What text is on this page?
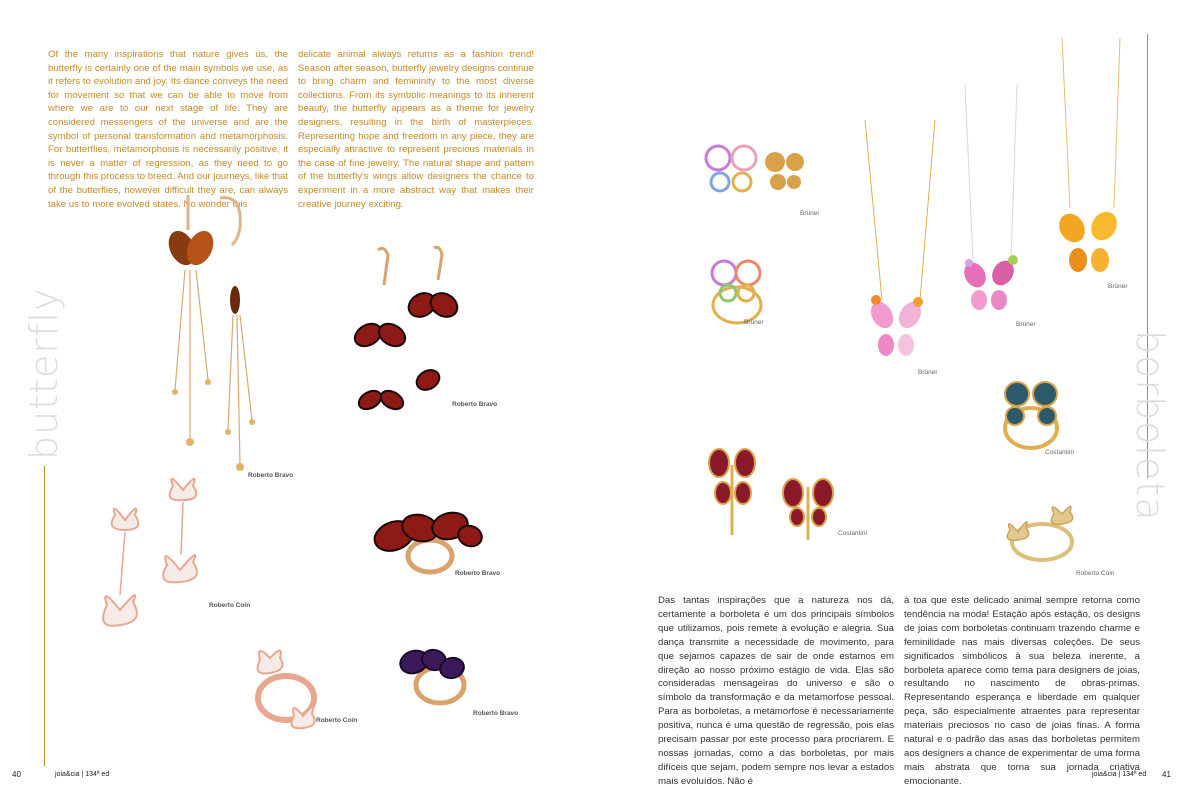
Of the many inspirations that nature gives us, the butterfly is certainly one of the main symbols we use, as it refers to evolution and joy. Its dance conveys the need for movement so that we can be able to move from where we are to our next stage of life. They are considered messengers of the universe and are the symbol of personal transformation and metamorphosis. For butterflies, metamorphosis is necessarily positive, it is never a matter of regression, as they need to go through this process to breed. And our journeys, like that of the butterflies, however difficult they are, can always take us to more evolved states. No wonder this

delicate animal always returns as a fashion trend! Season after season, butterfly jewelry designs continue to bring charm and femininity to the most diverse collections. From its symbolic meanings to its inherent beauty, the butterfly appears as a theme for jewelry designers, resulting in the birth of masterpieces. Representing hope and freedom in any piece, they are especially attractive to represent precious materials in the case of fine jewelry. The natural shape and pattern of the butterfly's wings allow designers the chance to experiment in a more abstract way that makes their creative journey exciting.

butterfly
Roberto Bravo
Roberto Bravo
Roberto Coin
Roberto Bravo
Roberto Coin
Roberto Bravo
40	joia&cia | 134ª ed
borboleta
Brüner
Brüner
Brüner
Brüner
Brüner
Costantini
Costantini
Roberto Coin

Das tantas inspirações que a natureza nos dá, certamente a borboleta é um dos principais símbolos que utilizamos, pois remete à evolução e alegria. Sua dança transmite a necessidade de movimento, para que sejamos capazes de sair de onde estamos em direção ao nosso próximo estágio de vida. Elas são consideradas mensageiras do universo e são o símbolo da transformação e da metamorfose pessoal. Para as borboletas, a metamorfose é necessariamente positiva, nunca é uma questão de regressão, pois elas precisam passar por este processo para procriarem. E nossas jornadas, como a das borboletas, por mais difíceis que sejam, podem sempre nos levar a estados mais evoluídos. Não é

à toa que este delicado animal sempre retorna como tendência na moda! Estação após estação, os designs de joias com borboletas continuam trazendo charme e feminilidade nas mais diversas coleções. De seus significados simbólicos à sua beleza inerente, a borboleta aparece como tema para designers de joias, resultando no nascimento de obras-primas. Representando esperança e liberdade em qualquer peça, são especialmente atraentes para representar materiais preciosos no caso de joias finas. A forma natural e o padrão das asas das borboletas permitem aos designers a chance de experimentar de uma forma mais abstrata que torna sua jornada criativa emocionante.

joia&cia | 134ª ed 41
